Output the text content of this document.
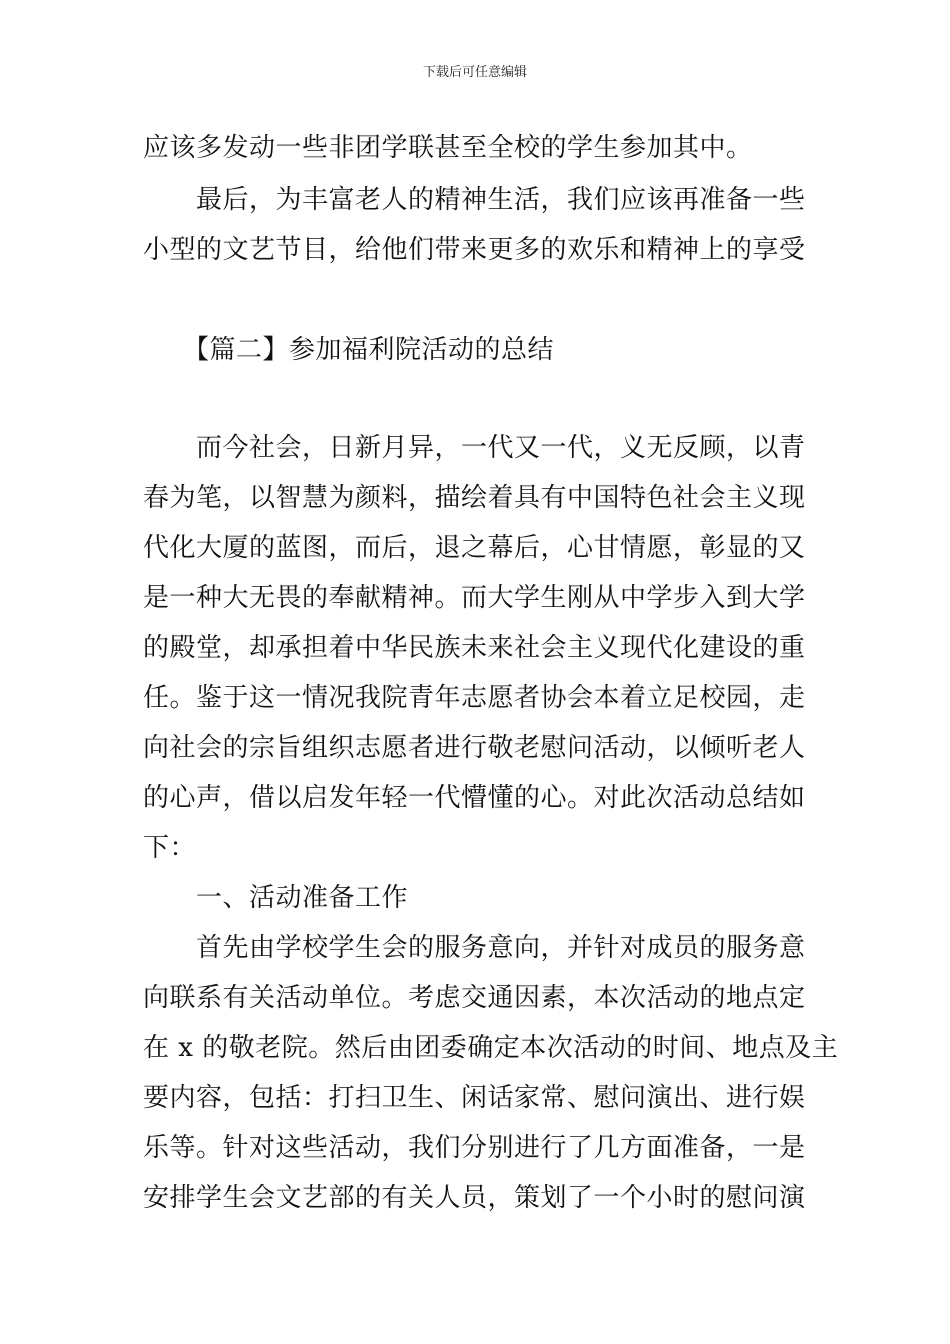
下载后可任意编辑
应该多发动一些非团学联甚至全校的学生参加其中。
　　最后，为丰富老人的精神生活，我们应该再准备一些
小型的文艺节目，给他们带来更多的欢乐和精神上的享受
　　【篇二】参加福利院活动的总结
　　而今社会，日新月异，一代又一代，义无反顾，以青
春为笔，以智慧为颜料，描绘着具有中国特色社会主义现
代化大厦的蓝图，而后，退之幕后，心甘情愿，彰显的又
是一种大无畏的奉献精神。而大学生刚从中学步入到大学
的殿堂，却承担着中华民族未来社会主义现代化建设的重
任。鉴于这一情况我院青年志愿者协会本着立足校园，走
向社会的宗旨组织志愿者进行敬老慰问活动，以倾听老人
的心声，借以启发年轻一代懵懂的心。对此次活动总结如
下：
　　一、活动准备工作
　　首先由学校学生会的服务意向，并针对成员的服务意
向联系有关活动单位。考虑交通因素，本次活动的地点定
在 x 的敬老院。然后由团委确定本次活动的时间、地点及主
要内容，包括：打扫卫生、闲话家常、慰问演出、进行娱
乐等。针对这些活动，我们分别进行了几方面准备，一是
安排学生会文艺部的有关人员，策划了一个小时的慰问演
